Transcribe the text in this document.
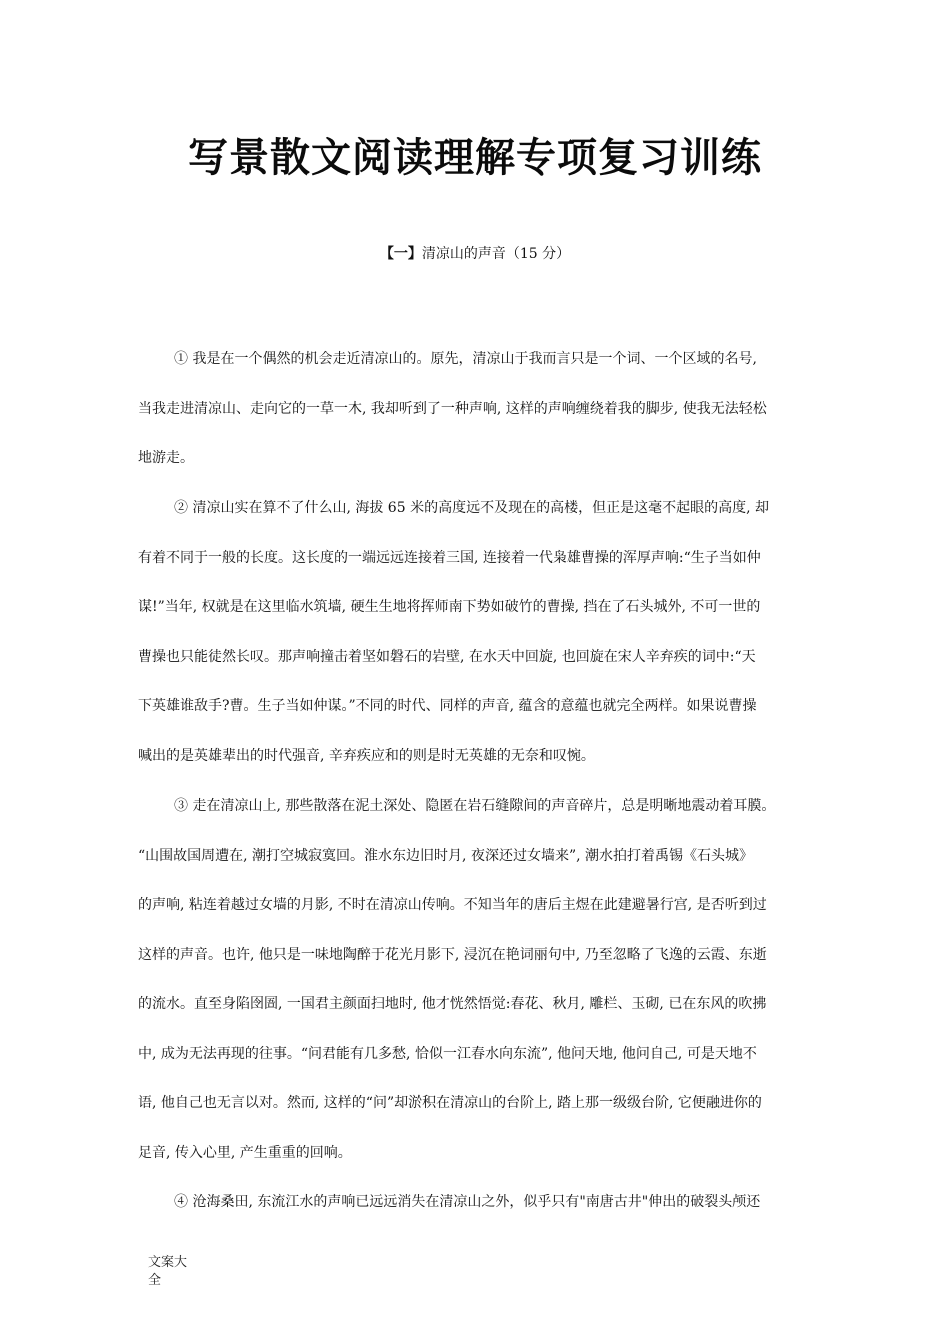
写景散文阅读理解专项复习训练
【一】清凉山的声音（15 分）
① 我是在一个偶然的机会走近清凉山的。原先，清凉山于我而言只是一个词、一个区域的名号,
当我走进清凉山、走向它的一草一木, 我却听到了一种声响, 这样的声响缠绕着我的脚步, 使我无法轻松
地游走。
② 清凉山实在算不了什么山, 海拔 65 米的高度远不及现在的高楼，但正是这毫不起眼的高度, 却
有着不同于一般的长度。这长度的一端远远连接着三国, 连接着一代枭雄曹操的浑厚声响:“生子当如仲
谋!”当年, 权就是在这里临水筑墙, 硬生生地将挥师南下势如破竹的曹操, 挡在了石头城外, 不可一世的
曹操也只能徒然长叹。那声响撞击着坚如磐石的岩壁, 在水天中回旋, 也回旋在宋人辛弃疾的词中:“天
下英雄谁敌手?曹。生子当如仲谋。”不同的时代、同样的声音, 蕴含的意蕴也就完全两样。如果说曹操
喊出的是英雄辈出的时代强音, 辛弃疾应和的则是时无英雄的无奈和叹惋。
③ 走在清凉山上, 那些散落在泥土深处、隐匿在岩石缝隙间的声音碎片，总是明晰地震动着耳膜。
“山围故国周遭在, 潮打空城寂寞回。淮水东边旧时月, 夜深还过女墙来”, 潮水拍打着禹锡《石头城》
的声响, 粘连着越过女墙的月影, 不时在清凉山传响。不知当年的唐后主煜在此建避暑行宫, 是否听到过
这样的声音。也许, 他只是一味地陶醉于花光月影下, 浸沉在艳词丽句中, 乃至忽略了飞逸的云霞、东逝
的流水。直至身陷囹圄, 一国君主颜面扫地时, 他才恍然悟觉:春花、秋月, 雕栏、玉砌, 已在东风的吹拂
中, 成为无法再现的往事。“问君能有几多愁, 恰似一江春水向东流”, 他问天地, 他问自己, 可是天地不
语, 他自己也无言以对。然而, 这样的“问”却淤积在清凉山的台阶上, 踏上那一级级台阶, 它便融进你的
足音, 传入心里, 产生重重的回响。
④ 沧海桑田, 东流江水的声响已远远消失在清凉山之外，似乎只有"南唐古井"伸出的破裂头颅还
文案大全
